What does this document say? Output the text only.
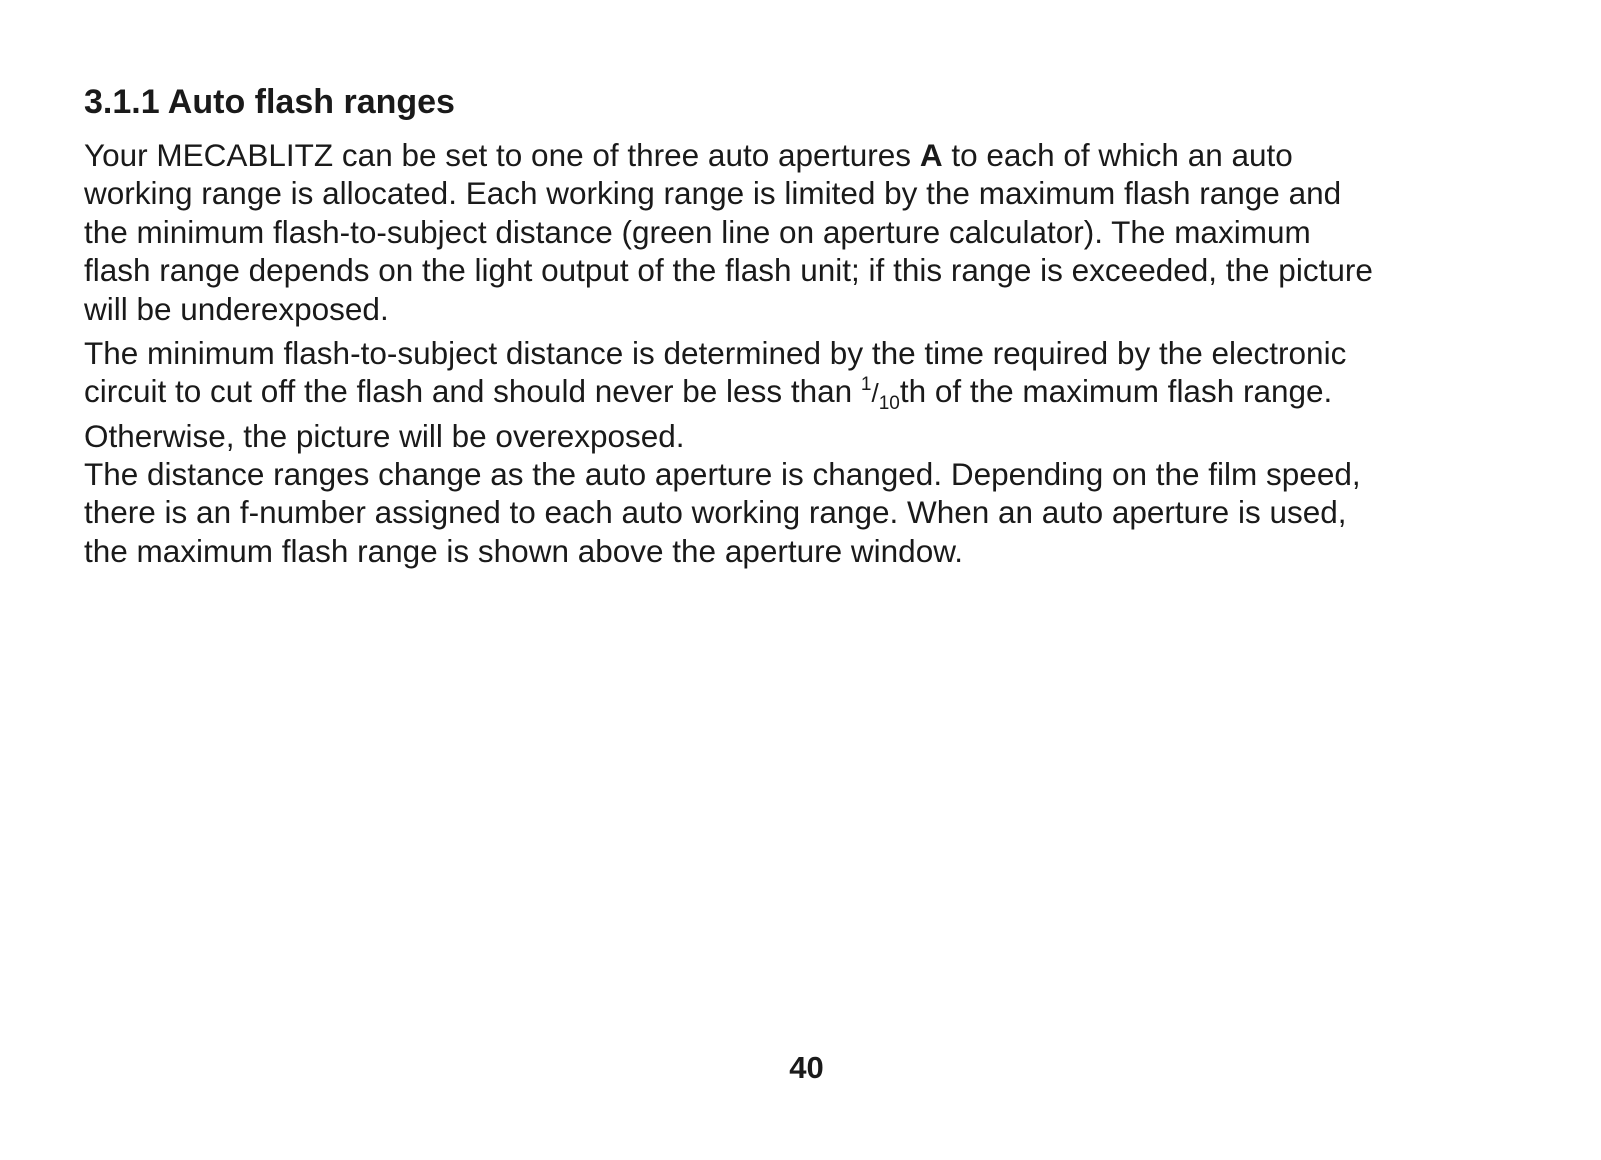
3.1.1 Auto flash ranges

Your MECABLITZ can be set to one of three auto apertures A to each of which an auto
working range is allocated. Each working range is limited by the maximum flash range and
the minimum flash-to-subject distance (green line on aperture calculator). The maximum
flash range depends on the light output of the flash unit; if this range is exceeded, the picture
will be underexposed.

The minimum flash-to-subject distance is determined by the time required by the electronic
circuit to cut off the flash and should never be less than 1/10th of the maximum flash range.
Otherwise, the picture will be overexposed.

The distance ranges change as the auto aperture is changed. Depending on the film speed,
there is an f-number assigned to each auto working range. When an auto aperture is used,
the maximum flash range is shown above the aperture window.

40
